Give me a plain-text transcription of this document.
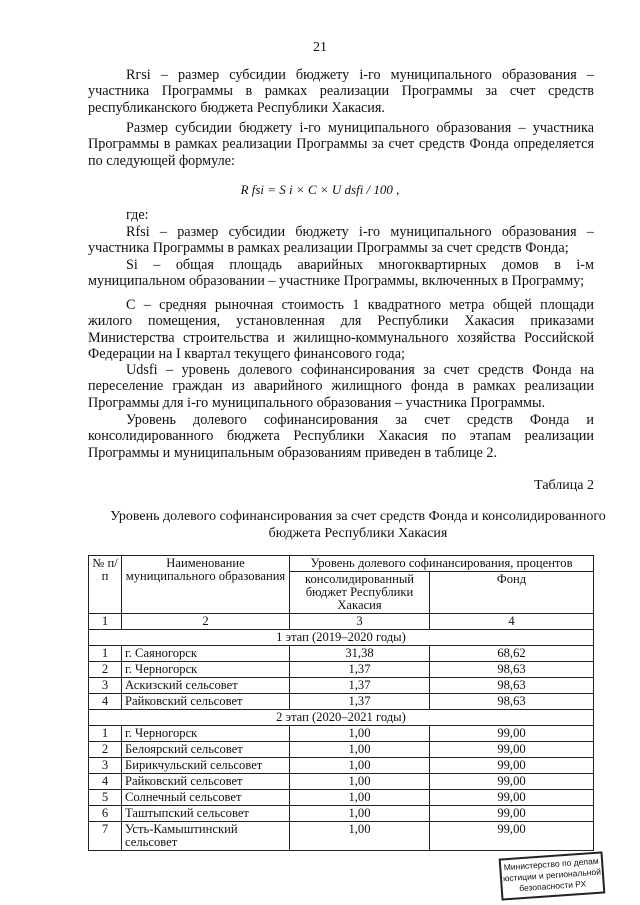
21
Rгsi – размер субсидии бюджету i-го муниципального образования – участника Программы в рамках реализации Программы за счет средств республиканского бюджета Республики Хакасия.
Размер субсидии бюджету i-го муниципального образования – участника Программы в рамках реализации Программы за счет средств Фонда определяется по следующей формуле:
R fsi = S i × C × U dsfi / 100 ,
где:
Rfsi – размер субсидии бюджету i-го муниципального образования – участника Программы в рамках реализации Программы за счет средств Фонда;
Si – общая площадь аварийных многоквартирных домов в i-м муниципальном образовании – участнике Программы, включенных в Программу;
С – средняя рыночная стоимость 1 квадратного метра общей площади жилого помещения, установленная для Республики Хакасия приказами Министерства строительства и жилищно-коммунального хозяйства Российской Федерации на I квартал текущего финансового года;
Udsfi – уровень долевого софинансирования за счет средств Фонда на переселение граждан из аварийного жилищного фонда в рамках реализации Программы для i-го муниципального образования – участника Программы.
Уровень долевого софинансирования за счет средств Фонда и консолидированного бюджета Республики Хакасия по этапам реализации Программы и муниципальным образованиям приведен в таблице 2.
Таблица 2
Уровень долевого софинансирования за счет средств Фонда и консолидированного бюджета Республики Хакасия
№ п/п	Наименование муниципального образования	Уровень долевого софинансирования, процентов	
		консолидированный бюджет Республики Хакасия	Фонд
1	2	3	4
1 этап (2019–2020 годы)			
1	г. Саяногорск	31,38	68,62
2	г. Черногорск	1,37	98,63
3	Аскизский сельсовет	1,37	98,63
4	Райковский сельсовет	1,37	98,63
2 этап (2020–2021 годы)			
1	г. Черногорск	1,00	99,00
2	Белоярский сельсовет	1,00	99,00
3	Бирикчульский сельсовет	1,00	99,00
4	Райковский сельсовет	1,00	99,00
5	Солнечный сельсовет	1,00	99,00
6	Таштыпский сельсовет	1,00	99,00
7	Усть-Камыштинский сельсовет	1,00	99,00
Министерство по делам юстиции и региональной безопасности РХ
